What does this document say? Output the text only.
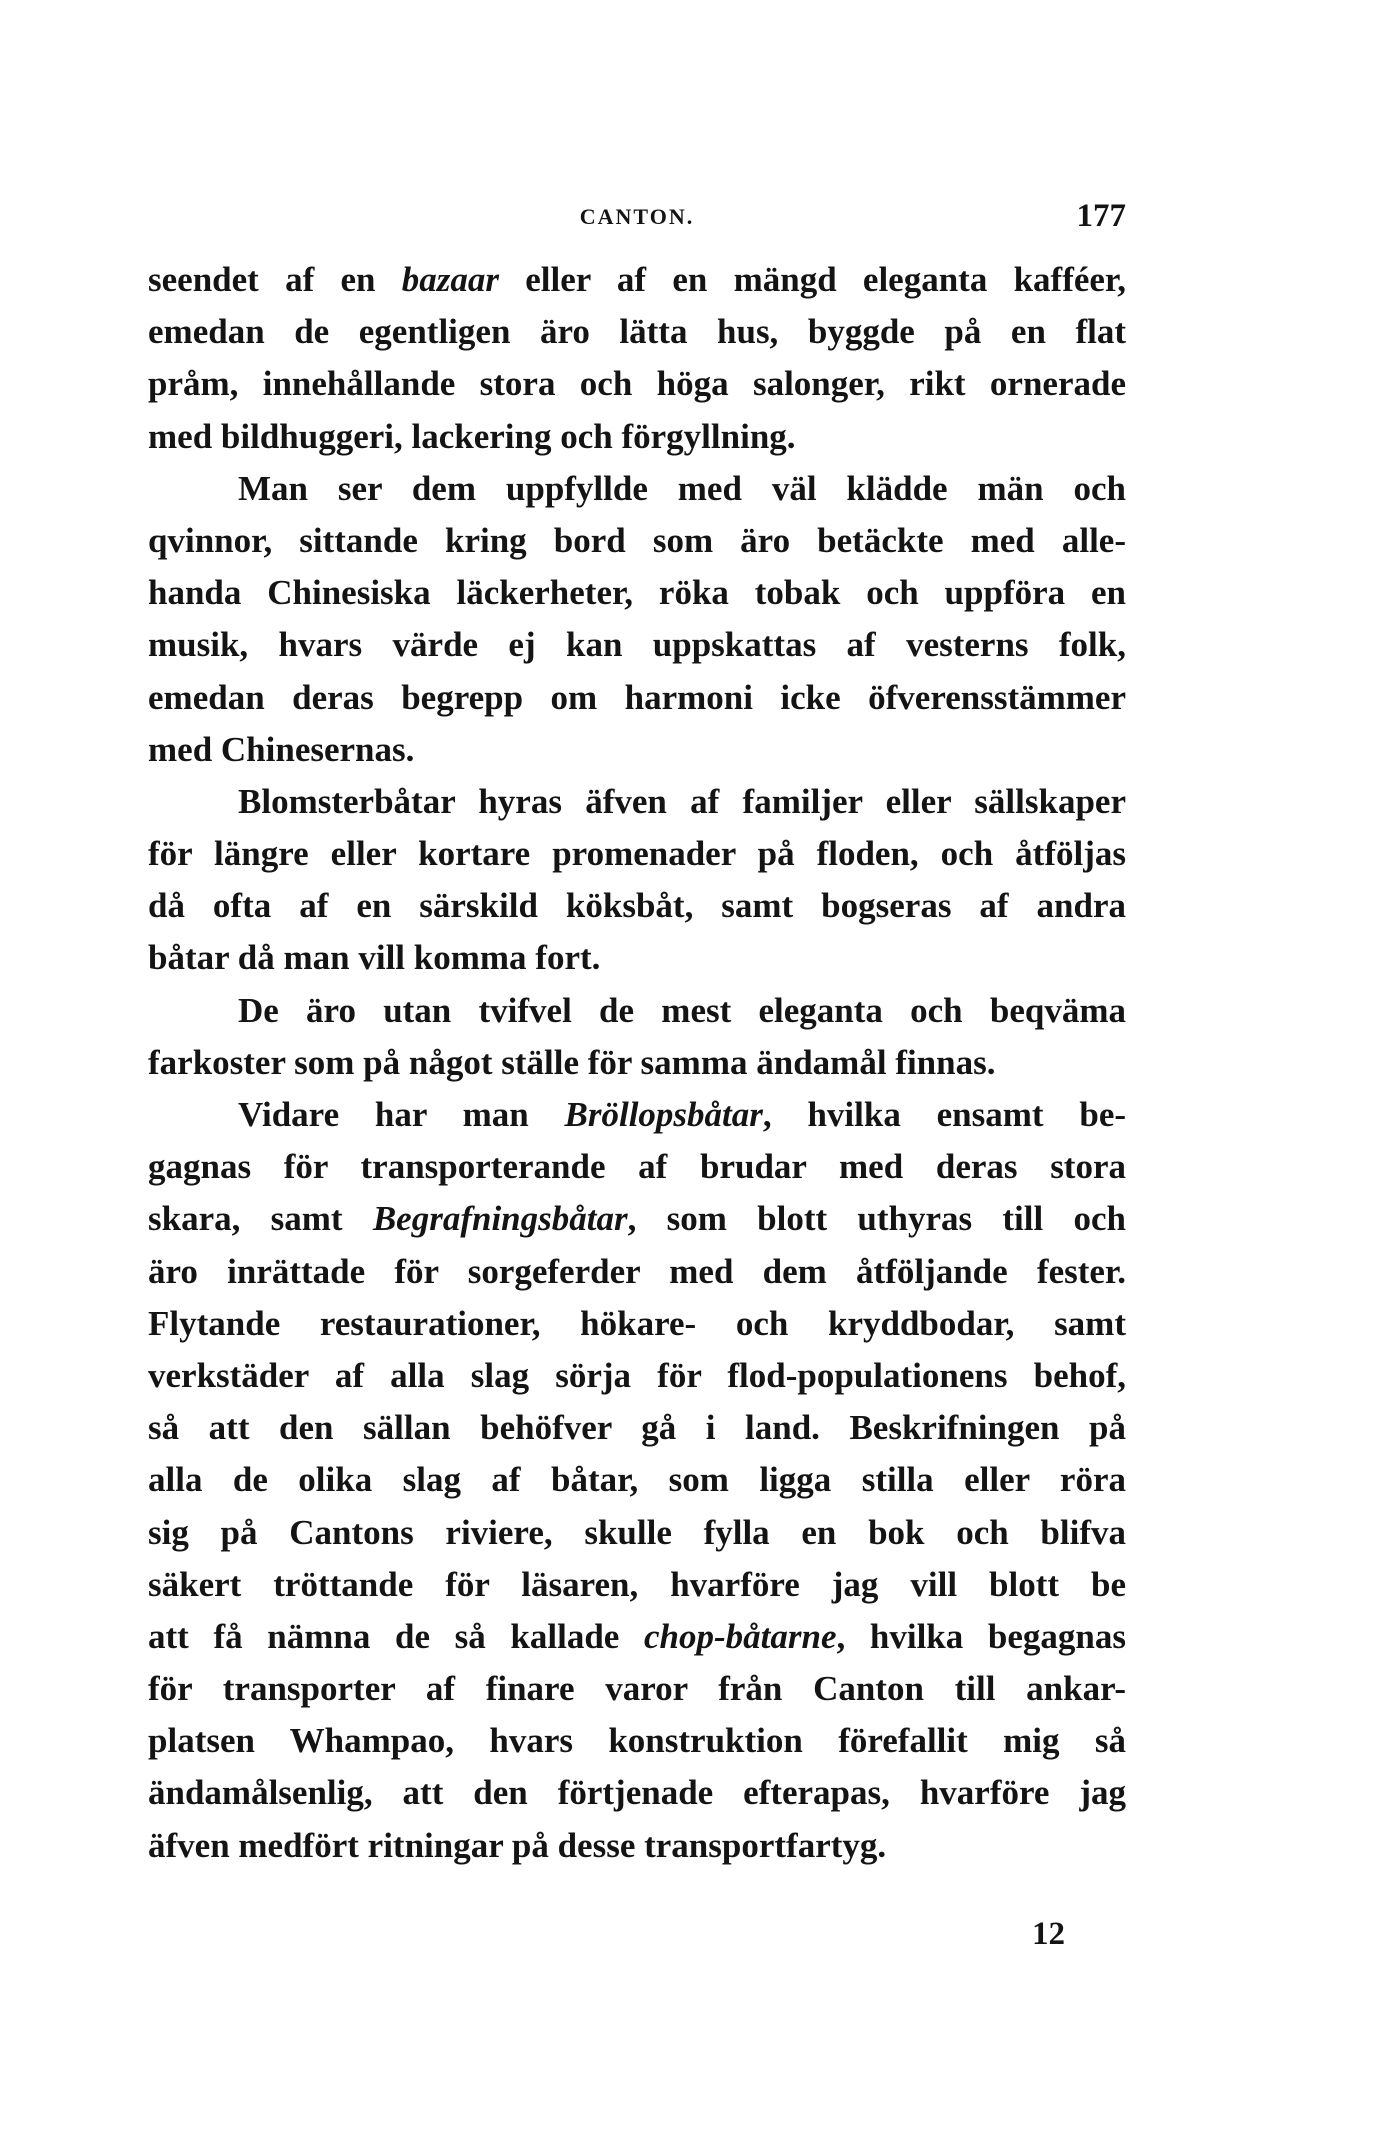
CANTON.	177
seendet af en bazaar eller af en mängd eleganta kafféer,
emedan de egentligen äro lätta hus, byggde på en flat
pråm, innehållande stora och höga salonger, rikt ornerade
med bildhuggeri, lackering och förgyllning.
Man ser dem uppfyllde med väl klädde män och
qvinnor, sittande kring bord som äro betäckte med alle-
handa Chinesiska läckerheter, röka tobak och uppföra en
musik, hvars värde ej kan uppskattas af vesterns folk,
emedan deras begrepp om harmoni icke öfverensstämmer
med Chinesernas.
Blomsterbåtar hyras äfven af familjer eller sällskaper
för längre eller kortare promenader på floden, och åtföljas
då ofta af en särskild köksbåt, samt bogseras af andra
båtar då man vill komma fort.
De äro utan tvifvel de mest eleganta och beqväma
farkoster som på något ställe för samma ändamål finnas.
Vidare har man Bröllopsbåtar, hvilka ensamt be-
gagnas för transporterande af brudar med deras stora
skara, samt Begrafningsbåtar, som blott uthyras till och
äro inrättade för sorgeferder med dem åtföljande fester.
Flytande restaurationer, hökare- och kryddbodar, samt
verkstäder af alla slag sörja för flod-populationens behof,
så att den sällan behöfver gå i land. Beskrifningen på
alla de olika slag af båtar, som ligga stilla eller röra
sig på Cantons riviere, skulle fylla en bok och blifva
säkert tröttande för läsaren, hvarföre jag vill blott be
att få nämna de så kallade chop-båtarne, hvilka begagnas
för transporter af finare varor från Canton till ankar-
platsen Whampao, hvars konstruktion förefallit mig så
ändamålsenlig, att den förtjenade efterapas, hvarföre jag
äfven medfört ritningar på desse transportfartyg.
12
